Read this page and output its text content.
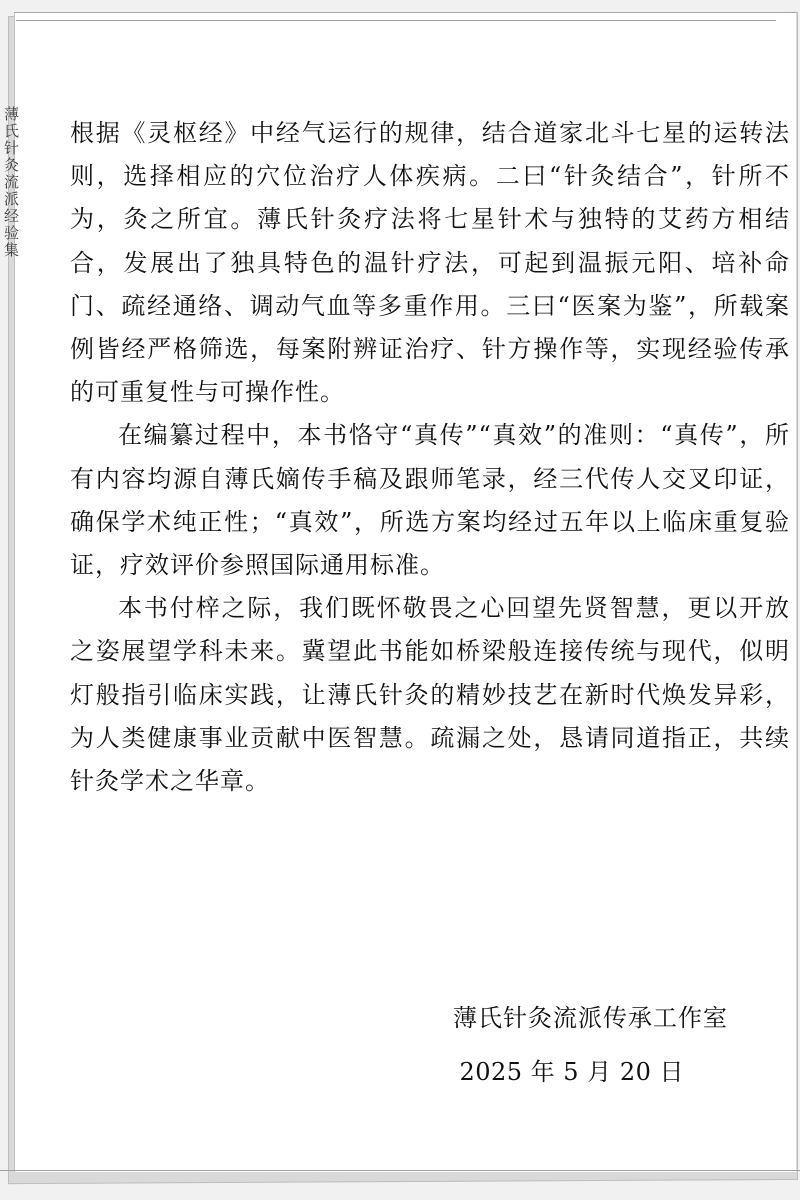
薄氏针灸流派经验集 根据《灵枢经》中经气运行的规律，结合道家北斗七星的运转法则，选择相应的穴位治疗人体疾病。二曰“针灸结合”，针所不为，灸之所宜。薄氏针灸疗法将七星针术与独特的艾药方相结合，发展出了独具特色的温针疗法，可起到温振元阳、培补命门、疏经通络、调动气血等多重作用。三曰“医案为鉴”，所载案例皆经严格筛选，每案附辨证治疗、针方操作等，实现经验传承的可重复性与可操作性。

在编纂过程中，本书恪守“真传”“真效”的准则：“真传”，所有内容均源自薄氏嫡传手稿及跟师笔录，经三代传人交叉印证，确保学术纯正性；“真效”，所选方案均经过五年以上临床重复验证，疗效评价参照国际通用标准。

本书付梓之际，我们既怀敬畏之心回望先贤智慧，更以开放之姿展望学科未来。冀望此书能如桥梁般连接传统与现代，似明灯般指引临床实践，让薄氏针灸的精妙技艺在新时代焕发异彩，为人类健康事业贡献中医智慧。疏漏之处，恳请同道指正，共续针灸学术之华章。

薄氏针灸流派传承工作室
2025 年 5 月 20 日
